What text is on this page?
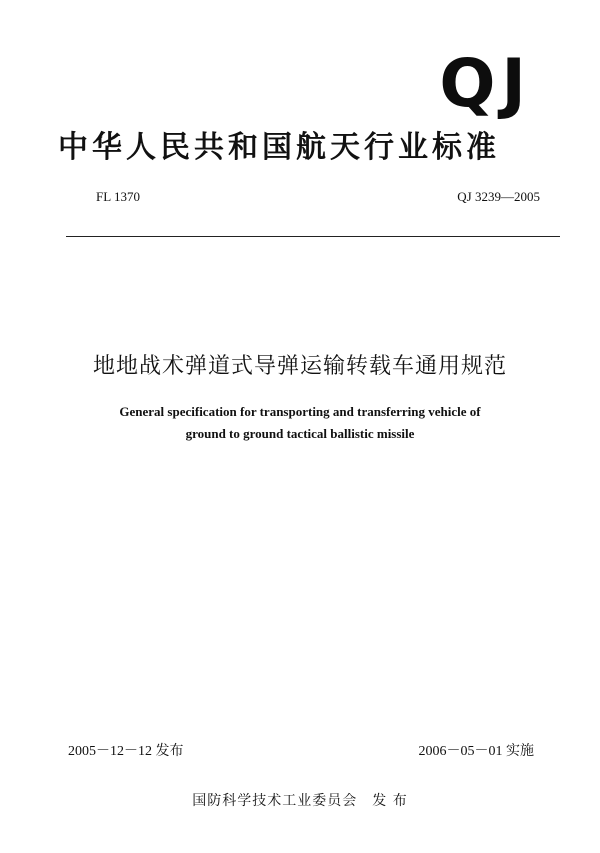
QJ
中华人民共和国航天行业标准
FL 1370	QJ 3239—2005
地地战术弹道式导弹运输转载车通用规范
General specification for transporting and transferring vehicle of
ground to ground tactical ballistic missile
2005－12－12 发布	2006－05－01 实施
国防科学技术工业委员会　发 布
